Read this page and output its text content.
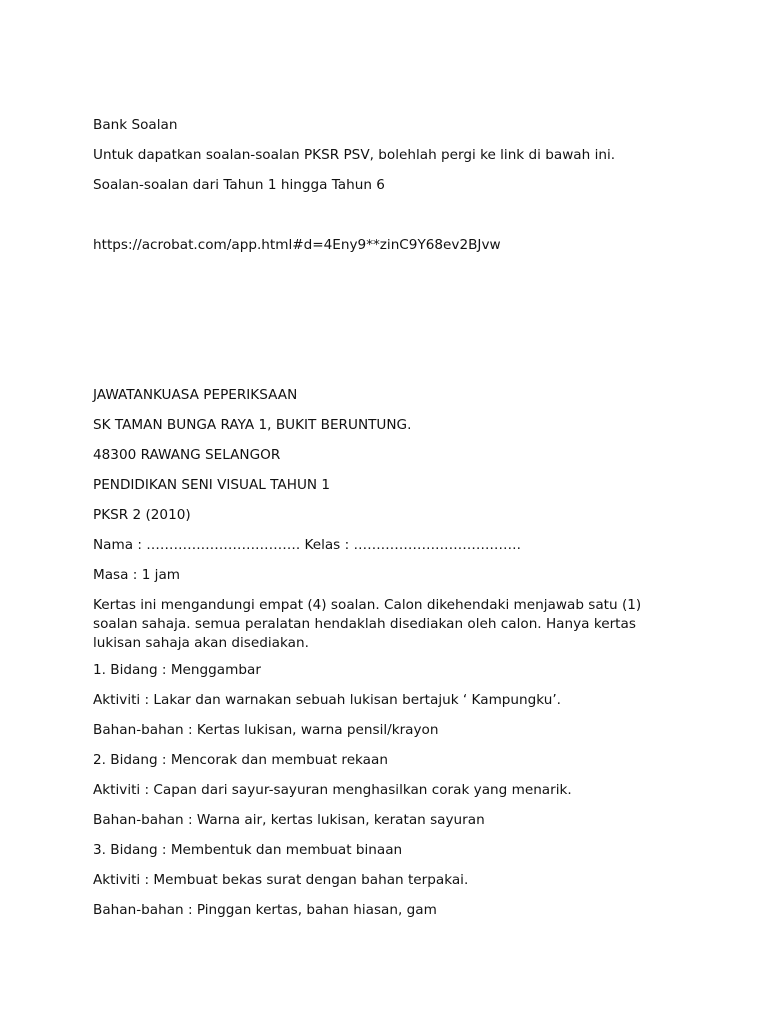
Bank Soalan

Untuk dapatkan soalan-soalan PKSR PSV, bolehlah pergi ke link di bawah ini.

Soalan-soalan dari Tahun 1 hingga Tahun 6

https://acrobat.com/app.html#d=4Eny9**zinC9Y68ev2BJvw

JAWATANKUASA PEPERIKSAAN

SK TAMAN BUNGA RAYA 1, BUKIT BERUNTUNG.

48300 RAWANG SELANGOR

PENDIDIKAN SENI VISUAL TAHUN 1

PKSR 2 (2010)

Nama : ……………………………. Kelas : ……………………………….

Masa : 1 jam

Kertas ini mengandungi empat (4) soalan. Calon dikehendaki menjawab satu (1) soalan sahaja. semua peralatan hendaklah disediakan oleh calon. Hanya kertas lukisan sahaja akan disediakan.

1. Bidang : Menggambar

Aktiviti : Lakar dan warnakan sebuah lukisan bertajuk ‘ Kampungku’.

Bahan-bahan : Kertas lukisan, warna pensil/krayon

2. Bidang : Mencorak dan membuat rekaan

Aktiviti : Capan dari sayur-sayuran menghasilkan corak yang menarik.

Bahan-bahan : Warna air, kertas lukisan, keratan sayuran

3. Bidang : Membentuk dan membuat binaan

Aktiviti : Membuat bekas surat dengan bahan terpakai.

Bahan-bahan : Pinggan kertas, bahan hiasan, gam
